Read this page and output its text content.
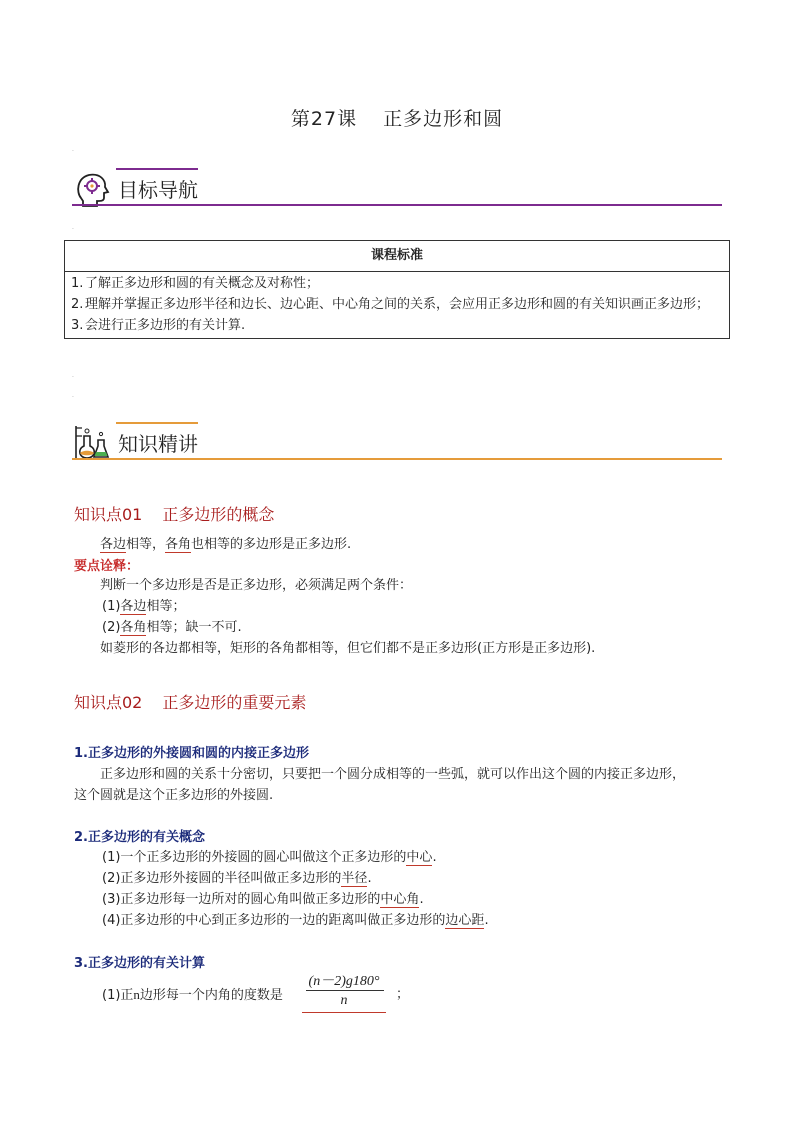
第27课 正多边形和圆
·
目标导航
·
课程标准
1. 了解正多边形和圆的有关概念及对称性；
2. 理解并掌握正多边形半径和边长、边心距、中心角之间的关系，会应用正多边形和圆的有关知识画正多边形；
3. 会进行正多边形的有关计算.
·
·
知识精讲
知识点01 正多边形的概念
各边相等，各角也相等的多边形是正多边形.
要点诠释：
判断一个多边形是否是正多边形，必须满足两个条件：
(1)各边相等；
(2)各角相等；缺一不可.
如菱形的各边都相等，矩形的各角都相等，但它们都不是正多边形(正方形是正多边形).
知识点02 正多边形的重要元素
1.正多边形的外接圆和圆的内接正多边形
正多边形和圆的关系十分密切，只要把一个圆分成相等的一些弧，就可以作出这个圆的内接正多边形，
这个圆就是这个正多边形的外接圆.
2.正多边形的有关概念
(1)一个正多边形的外接圆的圆心叫做这个正多边形的中心.
(2)正多边形外接圆的半径叫做正多边形的半径.
(3)正多边形每一边所对的圆心角叫做正多边形的中心角.
(4)正多边形的中心到正多边形的一边的距离叫做正多边形的边心距.
3.正多边形的有关计算
(1)正n边形每一个内角的度数是
(n－2)g180°
n	；
